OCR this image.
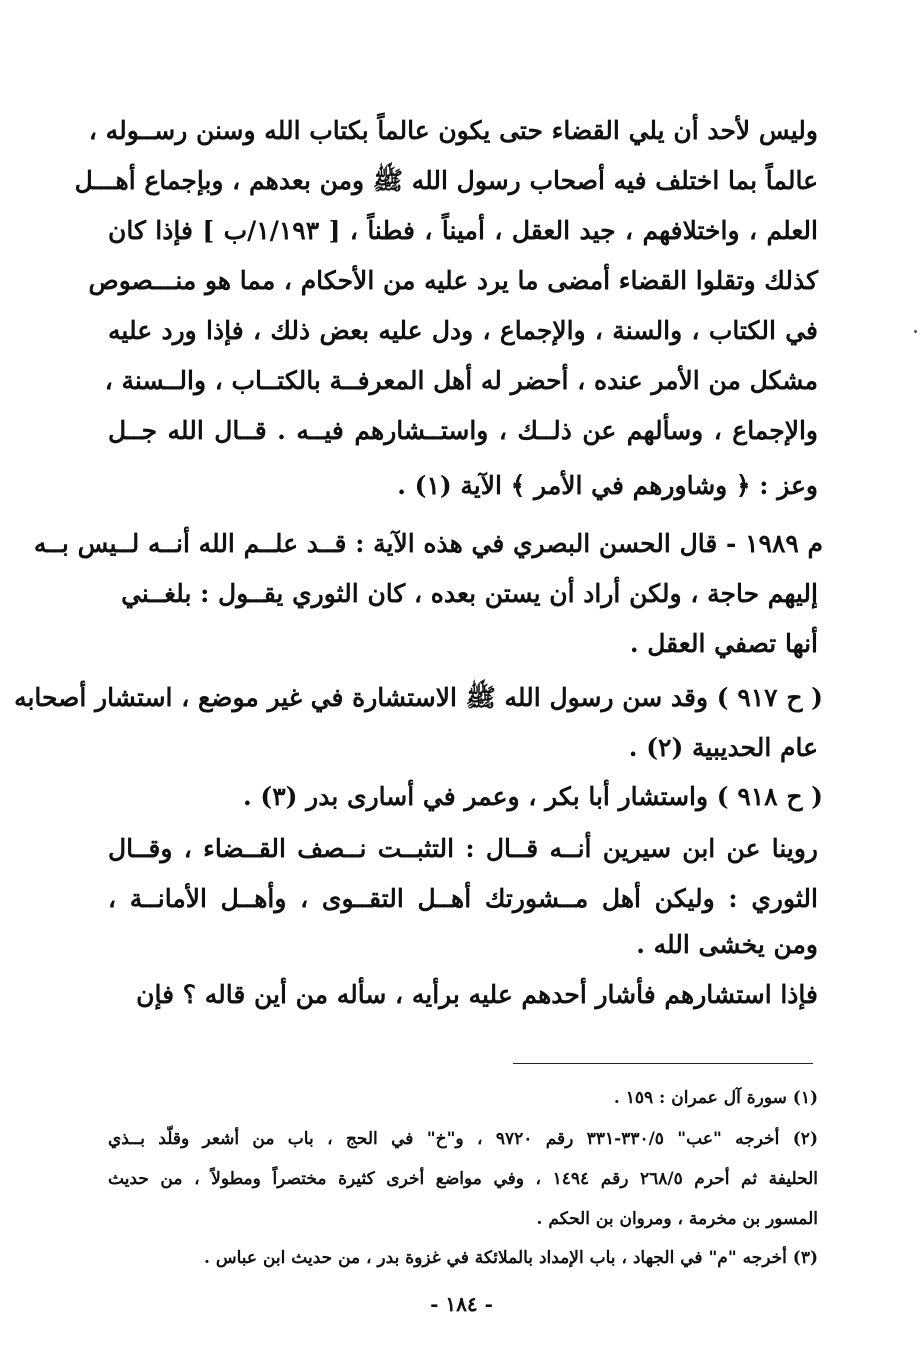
وليس لأحد أن يلي القضاء حتى يكون عالماً بكتاب الله وسنن رســوله ،
عالماً بما اختلف فيه أصحاب رسول الله ﷺ ومن بعدهم ، وبإجماع أهـــل
العلم ، واختلافهم ، جيد العقل ، أميناً ، فطناً ، [ ١/١٩٣/ب ] فإذا كان
كذلك وتقلوا القضاء أمضى ما يرد عليه من الأحكام ، مما هو منـــصوص
في الكتاب ، والسنة ، والإجماع ، ودل عليه بعض ذلك ، فإذا ورد عليه
مشكل من الأمر عنده ، أحضر له أهل المعرفــة بالكتــاب ، والــسنة ،
والإجماع ، وسألهم عن ذلــك ، واستــشارهم فيــه . قــال الله جــل
وعز : ﴿ وشاورهم في الأمر ﴾ الآية (١) .
م ١٩٨٩ - قال الحسن البصري في هذه الآية : قــد علــم الله أنــه لــيس بــه
إليهم حاجة ، ولكن أراد أن يستن بعده ، كان الثوري يقــول : بلغــني
أنها تصفي العقل .
( ح ٩١٧ ) وقد سن رسول الله ﷺ الاستشارة في غير موضع ، استشار أصحابه
عام الحديبية (٢) .
( ح ٩١٨ ) واستشار أبا بكر ، وعمر في أسارى بدر (٣) .
روينا عن ابن سيرين أنــه قــال : التثبــت نــصف القــضاء ، وقــال
الثوري : وليكن أهل مــشورتك أهــل التقــوى ، وأهــل الأمانــة ،
ومن يخشى الله .
فإذا استشارهم فأشار أحدهم عليه برأيه ، سأله من أين قاله ؟ فإن
(١) سورة آل عمران : ١٥٩ .
(٢) أخرجه "عب" ٣٣٠/٥-٣٣١ رقم ٩٧٢٠ ، و"خ" في الحج ، باب من أشعر وقلّد بــذي
الحليفة ثم أحرم ٢٦٨/٥ رقم ١٤٩٤ ، وفي مواضع أخرى كثيرة مختصراً ومطولاً ، من حديث
المسور بن مخرمة ، ومروان بن الحكم .
(٣) أخرجه "م" في الجهاد ، باب الإمداد بالملائكة في غزوة بدر ، من حديث ابن عباس .
- ١٨٤ -
